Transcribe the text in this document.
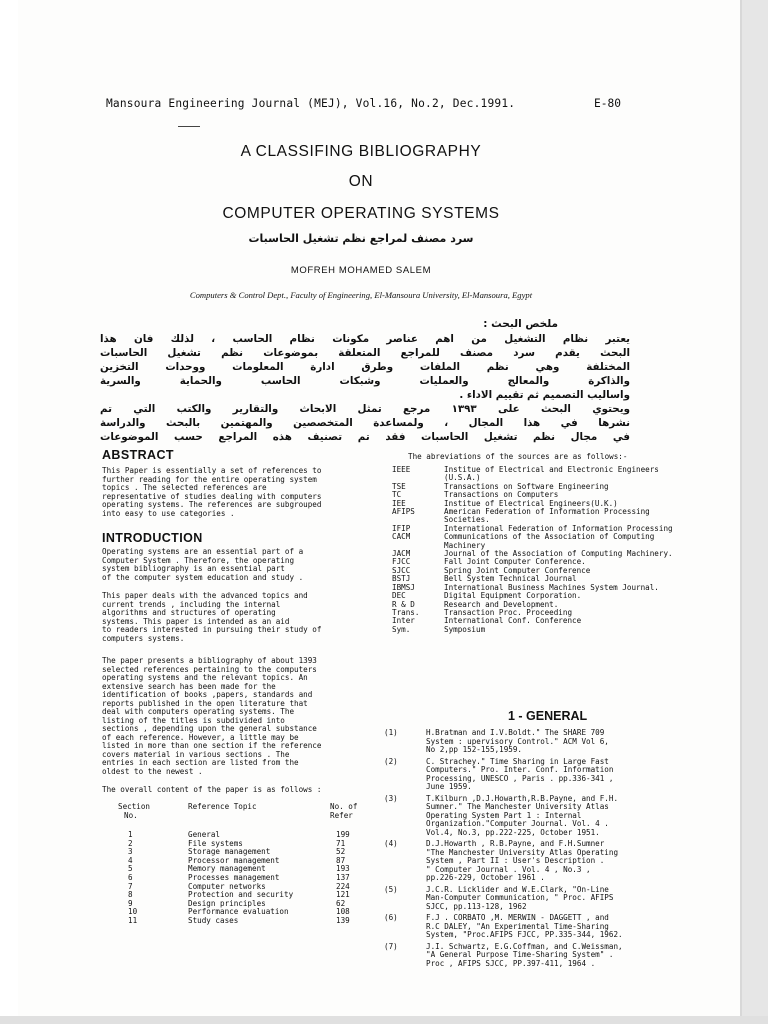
Mansoura Engineering Journal (MEJ), Vol.16, No.2, Dec.1991.	E-80
A CLASSIFING BIBLIOGRAPHY
ON
COMPUTER OPERATING SYSTEMS
سرد مصنف لمراجع نظم تشغيل الحاسبات
MOFREH MOHAMED SALEM
Computers & Control Dept., Faculty of Engineering, El-Mansoura University, El-Mansoura, Egypt
ملخص البحث :
يعتبر نظام التشغيل من اهم عناصر مكونات نظام الحاسب ، لذلك فان هذا
البحث يقدم سرد مصنف للمراجع المتعلقة بموضوعات نظم تشغيل الحاسبات
المختلفة وهي نظم الملفات وطرق ادارة المعلومات ووحدات التخزين
والذاكرة والمعالج والعمليات وشبكات الحاسب والحماية والسرية
واساليب التصميم ثم تقييم الاداء .
ويحتوي البحث على ١٣٩٣ مرجع تمثل الابحاث والتقارير والكتب التي تم
نشرها في هذا المجال ، ولمساعدة المتخصصين والمهتمين بالبحث والدراسة
في مجال نظم تشغيل الحاسبات فقد تم تصنيف هذه المراجع حسب الموضوعات
ABSTRACT
This Paper is essentially a set of references to
further reading for the entire operating system
topics . The selected references are
representative of studies dealing with computers
operating systems. The references are subgrouped
into easy to use categories .
INTRODUCTION
Operating systems are an essential part of a
Computer System . Therefore, the operating
system bibliography is an essential part
of the computer system education and study .
This paper deals with the advanced topics and
current trends , including the internal
algorithms and structures of operating
systems. This paper is intended as an aid
to readers interested in pursuing their study of
computers systems.
The paper presents a bibliography of about 1393
selected references pertaining to the computers
operating systems and the relevant topics. An
extensive search has been made for the
identification of books ,papers, standards and
reports published in the open literature that
deal with computers operating systems. The
listing of the titles is subdivided into
sections , depending upon the general substance
of each reference. However, a little may be
listed in more than one section if the reference
covers material in various sections . The
entries in each section are listed from the
oldest to the newest .
The overall content of the paper is as follows :
Section
No.
Reference Topic	No. of
Refer
1	General	199
2	File systems	71
3	Storage management	52
4	Processor management	87
5	Memory management	193
6	Processes management	137
7	Computer networks	224
8	Protection and security	121
9	Design principles	62
10	Performance evaluation	108
11	Study cases	139
The abreviations of the sources are as follows:-
IEEE	Institue of Electrical and Electronic Engineers (U.S.A.)
TSE	Transactions on Software Engineering
TC	Transactions on Computers
IEE	Institue of Electrical Engineers(U.K.)
AFIPS	American Federation of Information Processing Societies.
IFIP	International Federation of Information Processing
CACM	Communications of the Association of Computing Machinery
JACM	Journal of the Association of Computing Machinery.
FJCC	Fall Joint Computer Conference.
SJCC	Spring Joint Computer Conference
BSTJ	Bell System Technical Journal
IBMSJ	International Business Machines System Journal.
DEC	Digital Equipment Corporation.
R & D	Research and Development.
Trans.	Transaction Proc. Proceeding
Inter	International Conf. Conference
Sym.	Symposium
1 - GENERAL
(1)	H.Bratman and I.V.Boldt." The SHARE 709
System : upervisory Control." ACM Vol 6,
No 2,pp 152-155,1959.
(2)	C. Strachey." Time Sharing in Large Fast
Computers." Pro. Inter. Conf. Information
Processing, UNESCO , Paris . pp.336-341 ,
June 1959.
(3)	T.Kilburn ,D.J.Howarth,R.B.Payne, and F.H.
Sumner." The Manchester University Atlas
Operating System Part 1 : Internal
Organization."Computer Journal. Vol. 4 .
Vol.4, No.3, pp.222-225, October 1951.
(4)	D.J.Howarth , R.B.Payne, and F.H.Sumner
"The Manchester University Atlas Operating
System , Part II : User's Description .
" Computer Journal . Vol. 4 , No.3 ,
pp.226-229, October 1961 .
(5)	J.C.R. Licklider and W.E.Clark, "On-Line
Man-Computer Communication, " Proc. AFIPS
SJCC, pp.113-128, 1962
(6)	F.J . CORBATO ,M. MERWIN - DAGGETT , and
R.C DALEY, "An Experimental Time-Sharing
System, "Proc.AFIPS FJCC, PP.335-344, 1962.
(7)	J.I. Schwartz, E.G.Coffman, and C.Weissman,
"A General Purpose Time-Sharing System" .
Proc , AFIPS SJCC, PP.397-411, 1964 .
